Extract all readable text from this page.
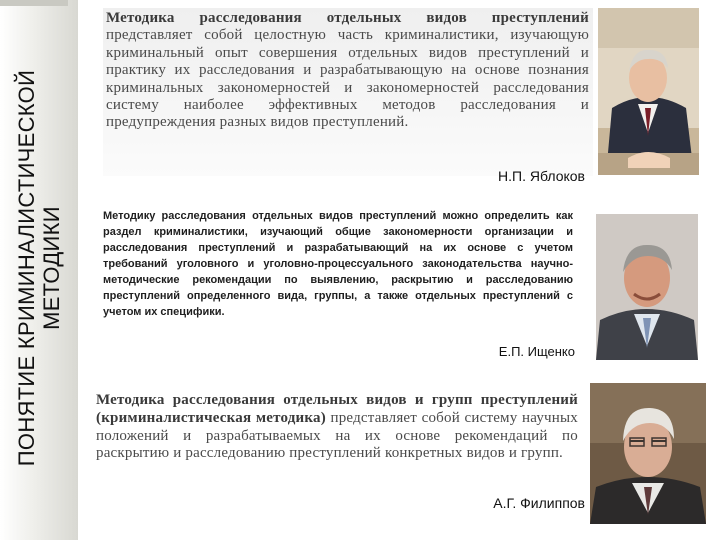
ПОНЯТИЕ КРИМИНАЛИСТИЧЕСКОЙ МЕТОДИКИ
Методика расследования отдельных видов преступлений представляет собой целостную часть криминалистики, изучающую криминальный опыт совершения отдельных видов преступлений и практику их расследования и разрабатывающую на основе познания криминальных закономерностей и закономерностей расследования систему наиболее эффективных методов расследования и предупреждения разных видов преступлений.
Н.П. Яблоков
Методику расследования отдельных видов преступлений можно определить как раздел криминалистики, изучающий общие закономерности организации и расследования преступлений и разрабатывающий на их основе с учетом требований уголовного и уголовно-процессуального законодательства научно-методические рекомендации по выявлению, раскрытию и расследованию преступлений определенного вида, группы, а также отдельных преступлений с учетом их специфики.
Е.П. Ищенко
Методика расследования отдельных видов и групп преступлений (криминалистическая методика) представляет собой систему научных положений и разрабатываемых на их основе рекомендаций по раскрытию и расследованию преступлений конкретных видов и групп.
А.Г. Филиппов
